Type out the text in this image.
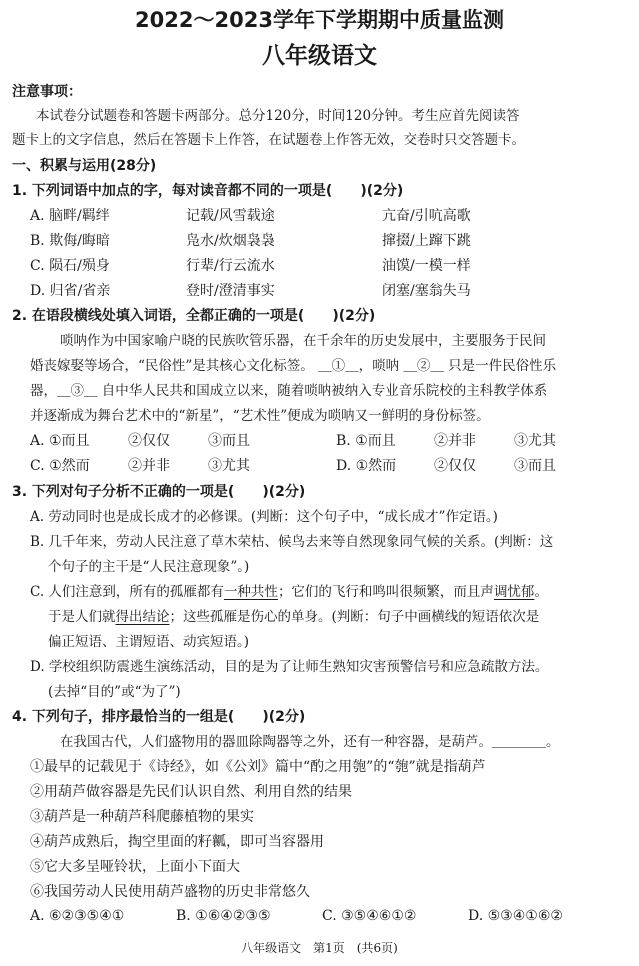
2022～2023学年下学期期中质量监测
八年级语文
注意事项：
本试卷分试题卷和答题卡两部分。总分120分，时间120分钟。考生应首先阅读答
题卡上的文字信息，然后在答题卡上作答，在试题卷上作答无效，交卷时只交答题卡。
一、积累与运用(28分)
1. 下列词语中加点的字，每对读音都不同的一项是(　　)(2分)
A. 脑畔/羁绊	记载/风雪载途	亢奋/引吭高歌
B. 欺侮/晦暗	凫水/炊烟袅袅	撺掇/上蹿下跳
C. 陨石/殒身	行辈/行云流水	油馍/一模一样
D. 归省/省亲	登时/澄清事实	闭塞/塞翁失马
2. 在语段横线处填入词语，全都正确的一项是(　　)(2分)
唢呐作为中国家喻户晓的民族吹管乐器，在千余年的历史发展中，主要服务于民间
婚丧嫁娶等场合，“民俗性”是其核心文化标签。 ＿①＿，唢呐 ＿②＿ 只是一件民俗性乐
器，＿③＿ 自中华人民共和国成立以来，随着唢呐被纳入专业音乐院校的主科教学体系
并逐渐成为舞台艺术中的“新星”，“艺术性”便成为唢呐又一鲜明的身份标签。
A. ①而且	②仅仅	③而且	B. ①而且	②并非	③尤其
C. ①然而	②并非	③尤其	D. ①然而	②仅仅	③而且
3. 下列对句子分析不正确的一项是(　　)(2分)
A. 劳动同时也是成长成才的必修课。(判断：这个句子中，“成长成才”作定语。)
B. 几千年来，劳动人民注意了草木荣枯、候鸟去来等自然现象同气候的关系。(判断：这
个句子的主干是“人民注意现象”。)
C. 人们注意到，所有的孤雁都有一种共性；它们的飞行和鸣叫很频繁，而且声调忧郁。
于是人们就得出结论；这些孤雁是伤心的单身。(判断：句子中画横线的短语依次是
偏正短语、主谓短语、动宾短语。)
D. 学校组织防震逃生演练活动，目的是为了让师生熟知灾害预警信号和应急疏散方法。
(去掉“目的”或“为了”)
4. 下列句子，排序最恰当的一组是(　　)(2分)
在我国古代，人们盛物用的器皿除陶器等之外，还有一种容器，是葫芦。＿＿＿＿。
①最早的记载见于《诗经》，如《公刘》篇中“酌之用匏”的“匏”就是指葫芦
②用葫芦做容器是先民们认识自然、利用自然的结果
③葫芦是一种葫芦科爬藤植物的果实
④葫芦成熟后，掏空里面的籽瓤，即可当容器用
⑤它大多呈哑铃状，上面小下面大
⑥我国劳动人民使用葫芦盛物的历史非常悠久
A. ⑥②③⑤④①	B. ①⑥④②③⑤	C. ③⑤④⑥①②	D. ⑤③④①⑥②
八年级语文　第1页　(共6页)
